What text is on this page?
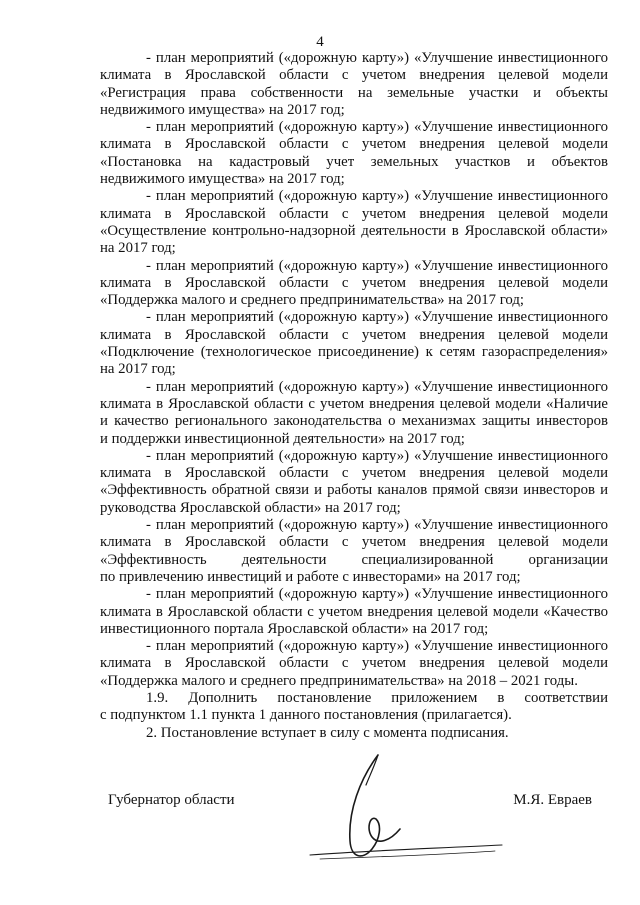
4

- план мероприятий («дорожную карту») «Улучшение инвестиционного
климата в Ярославской области с учетом внедрения целевой модели
«Регистрация права собственности на земельные участки и объекты
недвижимого имущества» на 2017 год;

- план мероприятий («дорожную карту») «Улучшение инвестиционного
климата в Ярославской области с учетом внедрения целевой модели
«Постановка на кадастровый учет земельных участков и объектов
недвижимого имущества» на 2017 год;

- план мероприятий («дорожную карту») «Улучшение инвестиционного
климата в Ярославской области с учетом внедрения целевой модели
«Осуществление контрольно-надзорной деятельности в Ярославской области»
на 2017 год;

- план мероприятий («дорожную карту») «Улучшение инвестиционного
климата в Ярославской области с учетом внедрения целевой модели
«Поддержка малого и среднего предпринимательства» на 2017 год;

- план мероприятий («дорожную карту») «Улучшение инвестиционного
климата в Ярославской области с учетом внедрения целевой модели
«Подключение (технологическое присоединение) к сетям газораспределения»
на 2017 год;

- план мероприятий («дорожную карту») «Улучшение инвестиционного
климата в Ярославской области с учетом внедрения целевой модели «Наличие
и качество регионального законодательства о механизмах защиты инвесторов
и поддержки инвестиционной деятельности» на 2017 год;

- план мероприятий («дорожную карту») «Улучшение инвестиционного
климата в Ярославской области с учетом внедрения целевой модели
«Эффективность обратной связи и работы каналов прямой связи инвесторов и
руководства Ярославской области» на 2017 год;

- план мероприятий («дорожную карту») «Улучшение инвестиционного
климата в Ярославской области с учетом внедрения целевой модели
«Эффективность деятельности специализированной организации
по привлечению инвестиций и работе с инвесторами» на 2017 год;

- план мероприятий («дорожную карту») «Улучшение инвестиционного
климата в Ярославской области с учетом внедрения целевой модели «Качество
инвестиционного портала Ярославской области» на 2017 год;

- план мероприятий («дорожную карту») «Улучшение инвестиционного
климата в Ярославской области с учетом внедрения целевой модели
«Поддержка малого и среднего предпринимательства» на 2018 – 2021 годы.

1.9. Дополнить постановление приложением в соответствии
с подпунктом 1.1 пункта 1 данного постановления (прилагается).

2. Постановление вступает в силу с момента подписания.

Губернатор области	М.Я. Евраев
